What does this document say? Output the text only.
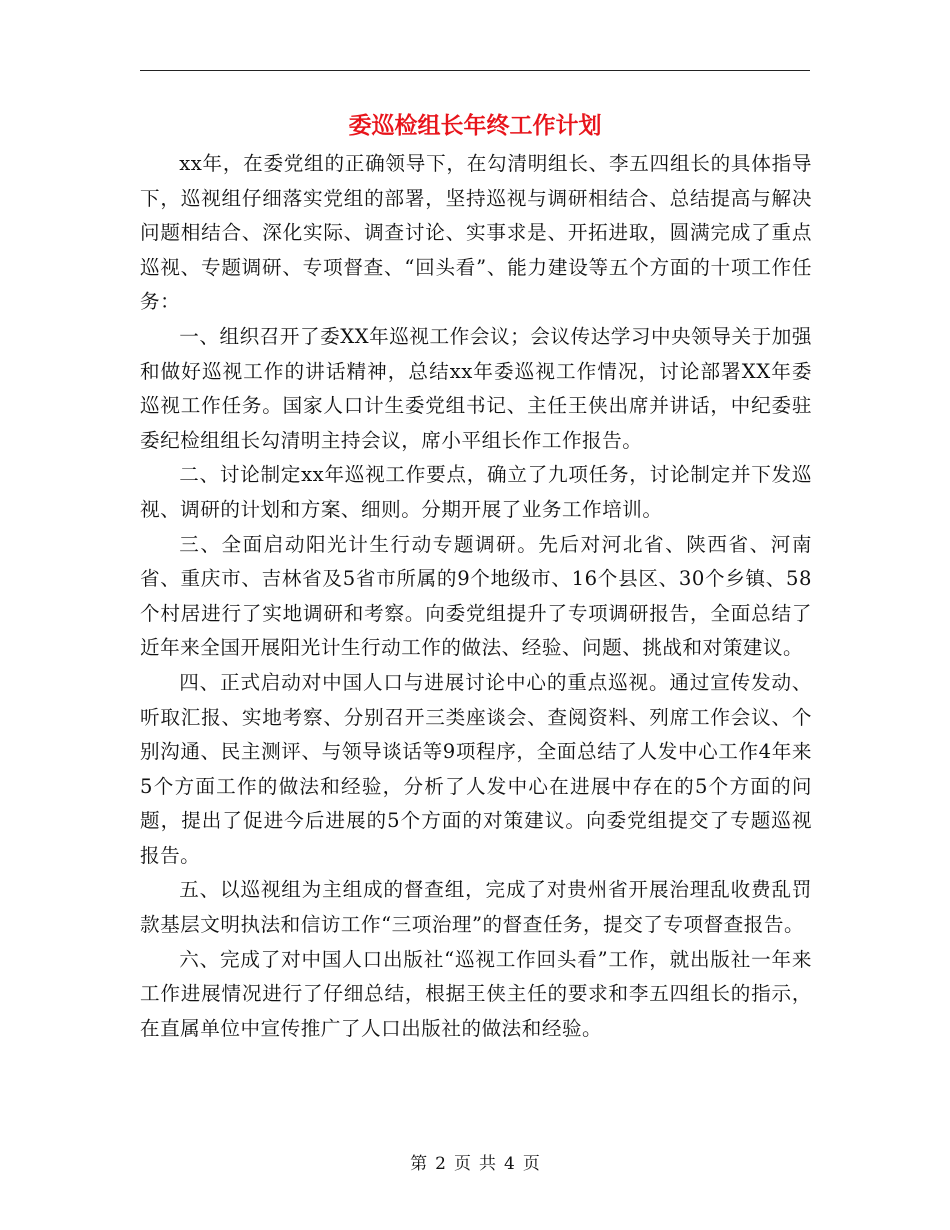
委巡检组长年终工作计划

xx年，在委党组的正确领导下，在勾清明组长、李五四组长的具体指导下，巡视组仔细落实党组的部署，坚持巡视与调研相结合、总结提高与解决问题相结合、深化实际、调查讨论、实事求是、开拓进取，圆满完成了重点巡视、专题调研、专项督查、“回头看”、能力建设等五个方面的十项工作任务：

一、组织召开了委XX年巡视工作会议；会议传达学习中央领导关于加强和做好巡视工作的讲话精神，总结xx年委巡视工作情况，讨论部署XX年委巡视工作任务。国家人口计生委党组书记、主任王侠出席并讲话，中纪委驻委纪检组组长勾清明主持会议，席小平组长作工作报告。

二、讨论制定xx年巡视工作要点，确立了九项任务，讨论制定并下发巡视、调研的计划和方案、细则。分期开展了业务工作培训。

三、全面启动阳光计生行动专题调研。先后对河北省、陕西省、河南省、重庆市、吉林省及5省市所属的9个地级市、16个县区、30个乡镇、58个村居进行了实地调研和考察。向委党组提升了专项调研报告，全面总结了近年来全国开展阳光计生行动工作的做法、经验、问题、挑战和对策建议。

四、正式启动对中国人口与进展讨论中心的重点巡视。通过宣传发动、听取汇报、实地考察、分别召开三类座谈会、查阅资料、列席工作会议、个别沟通、民主测评、与领导谈话等9项程序，全面总结了人发中心工作4年来5个方面工作的做法和经验，分析了人发中心在进展中存在的5个方面的问题，提出了促进今后进展的5个方面的对策建议。向委党组提交了专题巡视报告。

五、以巡视组为主组成的督查组，完成了对贵州省开展治理乱收费乱罚款基层文明执法和信访工作“三项治理”的督查任务，提交了专项督查报告。

六、完成了对中国人口出版社“巡视工作回头看”工作，就出版社一年来工作进展情况进行了仔细总结，根据王侠主任的要求和李五四组长的指示，在直属单位中宣传推广了人口出版社的做法和经验。

第 2 页 共 4 页
